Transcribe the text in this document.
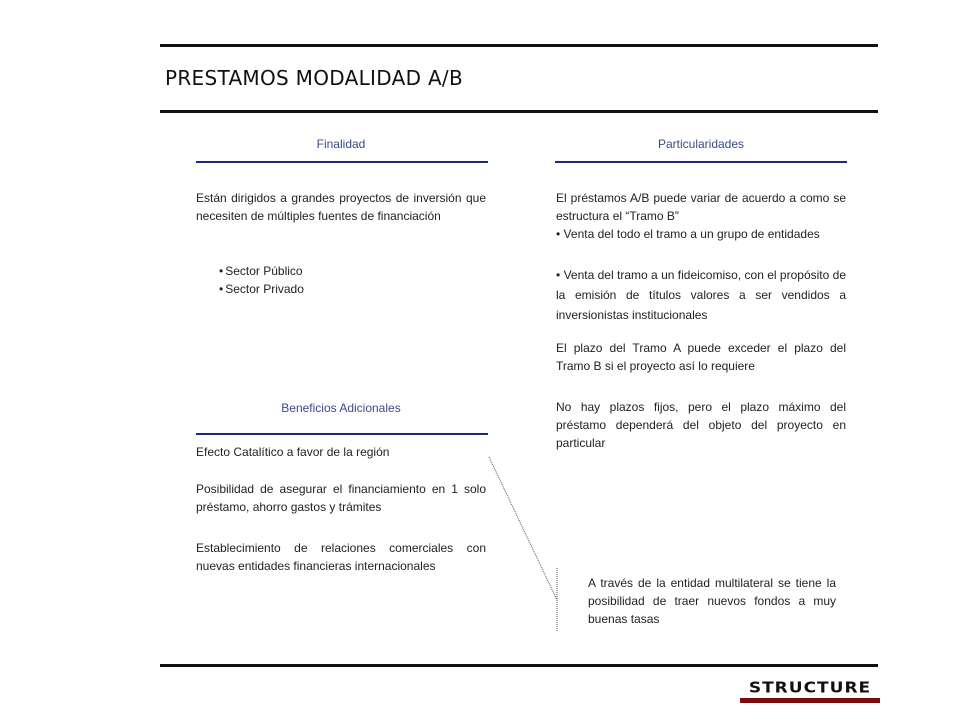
PRESTAMOS MODALIDAD A/B
Finalidad
Están dirigidos a grandes proyectos de inversión que necesiten de múltiples fuentes de financiación
• Sector Público
• Sector Privado
Particularidades
El préstamos A/B puede variar de acuerdo a como se estructura el “Tramo B”
• Venta del todo el tramo a un grupo de entidades
• Venta del tramo a un fideicomiso, con el propósito de la emisión de títulos valores a ser vendidos a inversionistas institucionales
El plazo del Tramo A puede exceder el plazo del Tramo B si el proyecto así lo requiere
No hay plazos fijos, pero el plazo máximo del préstamo dependerá del objeto del proyecto en particular
Beneficios Adicionales
Efecto Catalítico a favor de la región
Posibilidad de asegurar el financiamiento en 1 solo préstamo, ahorro gastos y trámites
Establecimiento de relaciones comerciales con nuevas entidades financieras internacionales
A través de la entidad multilateral se tiene la posibilidad de traer nuevos fondos a muy buenas tasas
STRUCTURE
